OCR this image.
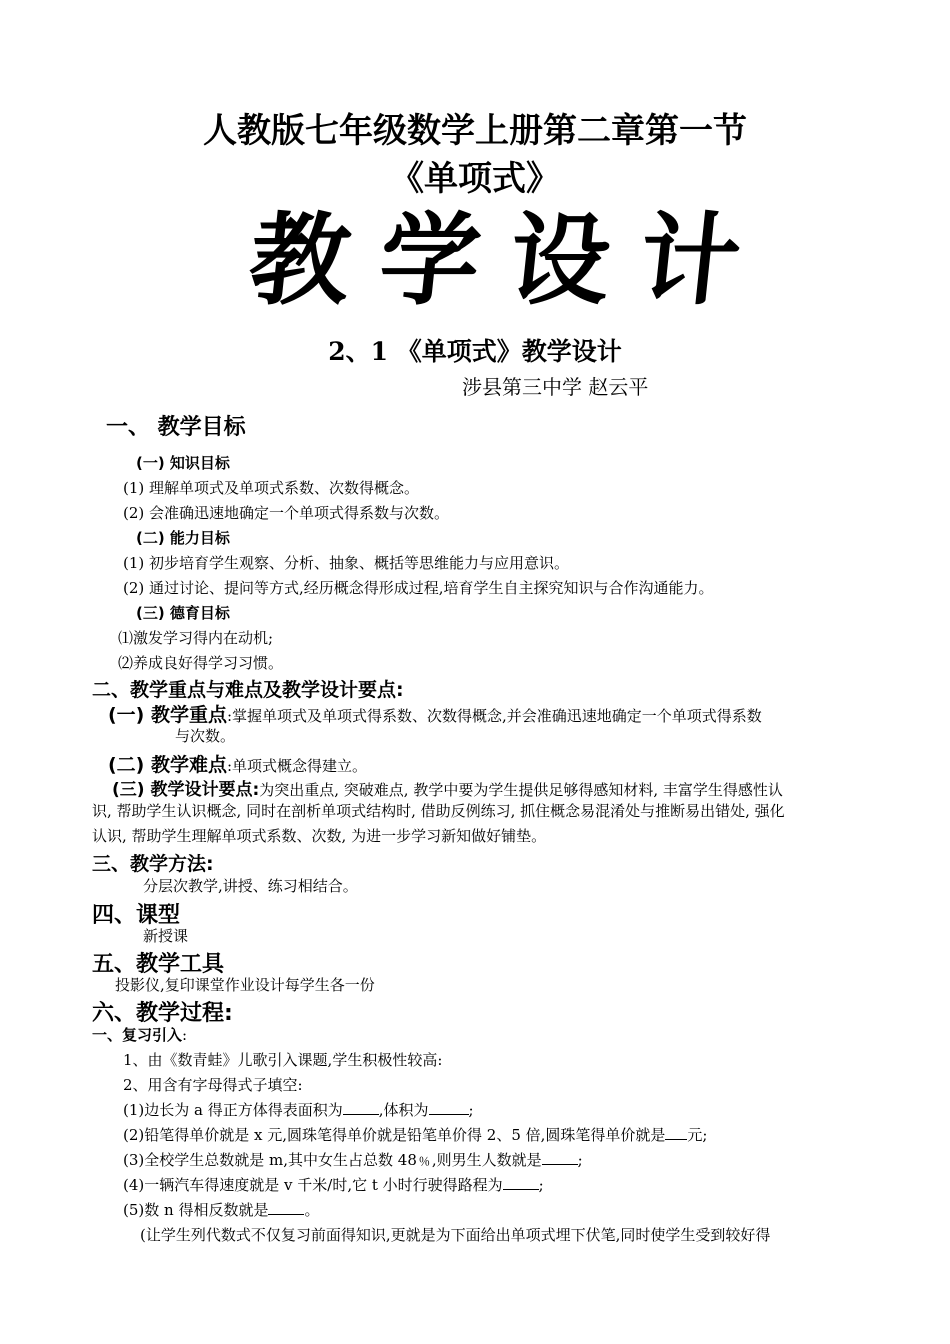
人教版七年级数学上册第二章第一节
《单项式》
教学设计
2、1 《单项式》教学设计
涉县第三中学 赵云平
一、 教学目标
(一) 知识目标
(1) 理解单项式及单项式系数、次数得概念。
(2) 会准确迅速地确定一个单项式得系数与次数。
(二) 能力目标
(1) 初步培育学生观察、分析、抽象、概括等思维能力与应用意识。
(2) 通过讨论、提问等方式,经历概念得形成过程,培育学生自主探究知识与合作沟通能力。
(三) 德育目标
⑴激发学习得内在动机;
⑵养成良好得学习习惯。
二、教学重点与难点及教学设计要点:
(一) 教学重点:掌握单项式及单项式得系数、次数得概念,并会准确迅速地确定一个单项式得系数
与次数。
(二) 教学难点:单项式概念得建立。
(三) 教学设计要点:为突出重点, 突破难点, 教学中要为学生提供足够得感知材料, 丰富学生得感性认
识, 帮助学生认识概念, 同时在剖析单项式结构时, 借助反例练习, 抓住概念易混淆处与推断易出错处, 强化
认识, 帮助学生理解单项式系数、次数, 为进一步学习新知做好铺垫。
三、教学方法:
分层次教学,讲授、练习相结合。
四、课型
新授课
五、教学工具
投影仪,复印课堂作业设计每学生各一份
六、教学过程:
一、复习引入:
1、由《数青蛙》儿歌引入课题,学生积极性较高:
2、用含有字母得式子填空:
(1)边长为 a 得正方体得表面积为 ,体积为	;
(2)铅笔得单价就是 x 元,圆珠笔得单价就是铅笔单价得 2、5 倍,圆珠笔得单价就是 元;
(3)全校学生总数就是 m,其中女生占总数 48﹪,则男生人数就是 ;
(4)一辆汽车得速度就是 v 千米/时,它 t 小时行驶得路程为 ;
(5)数 n 得相反数就是 。
(让学生列代数式不仅复习前面得知识,更就是为下面给出单项式埋下伏笔,同时使学生受到较好得
